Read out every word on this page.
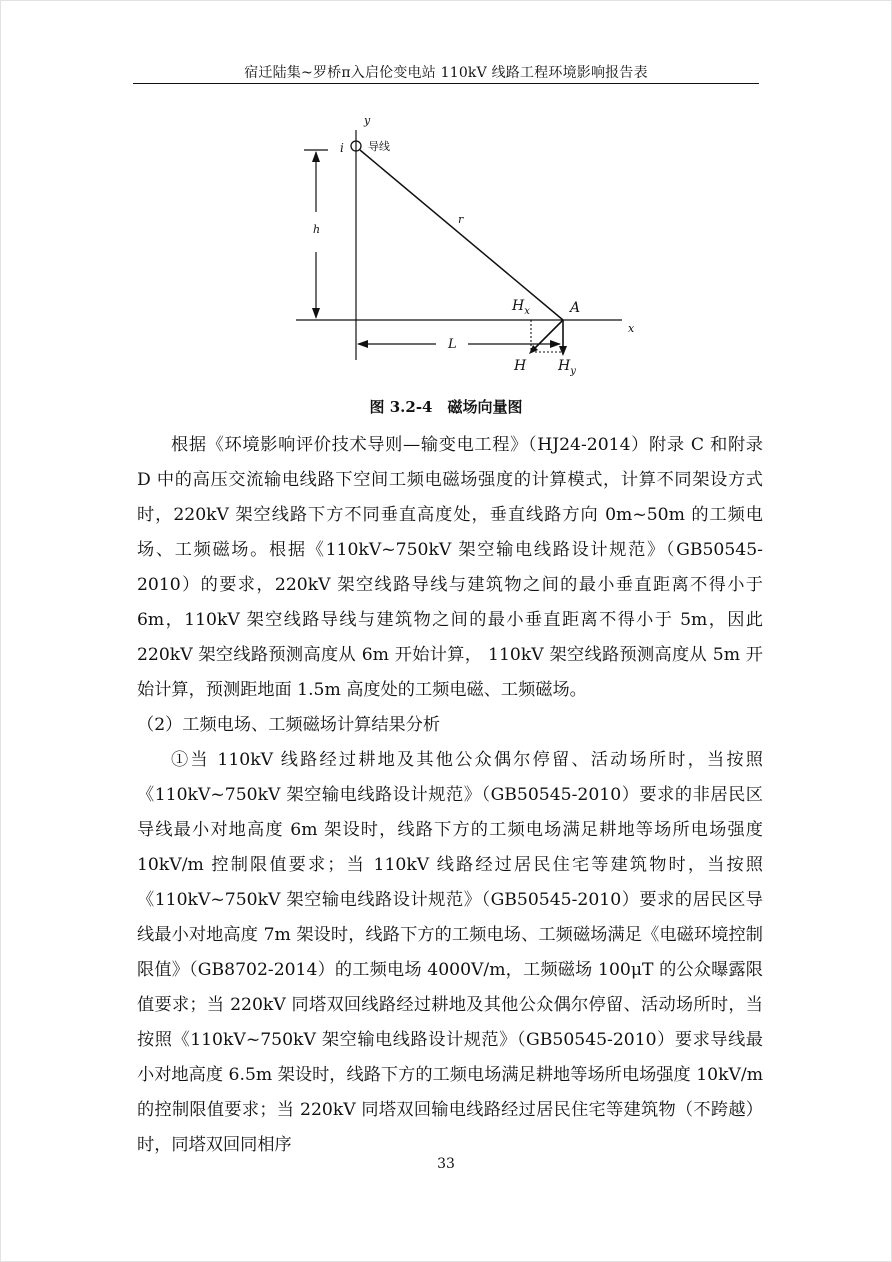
宿迁陆集~罗桥π入启伦变电站 110kV 线路工程环境影响报告表
y
x
i 导线
h
r
A
$H_x$
H $H_y$
L
图 3.2-4　磁场向量图

根据《环境影响评价技术导则—输变电工程》（HJ24-2014）附录 C 和附录 D 中的高压交流输电线路下空间工频电磁场强度的计算模式，计算不同架设方式时，220kV 架空线路下方不同垂直高度处，垂直线路方向 0m~50m 的工频电场、工频磁场。根据《110kV~750kV 架空输电线路设计规范》（GB50545-2010）的要求，220kV 架空线路导线与建筑物之间的最小垂直距离不得小于 6m，110kV 架空线路导线与建筑物之间的最小垂直距离不得小于 5m，因此 220kV 架空线路预测高度从 6m 开始计算， 110kV 架空线路预测高度从 5m 开始计算，预测距地面 1.5m 高度处的工频电磁、工频磁场。

（2）工频电场、工频磁场计算结果分析

①当 110kV 线路经过耕地及其他公众偶尔停留、活动场所时，当按照《110kV~750kV 架空输电线路设计规范》（GB50545-2010）要求的非居民区导线最小对地高度 6m 架设时，线路下方的工频电场满足耕地等场所电场强度 10kV/m 控制限值要求；当 110kV 线路经过居民住宅等建筑物时，当按照《110kV~750kV 架空输电线路设计规范》（GB50545-2010）要求的居民区导线最小对地高度 7m 架设时，线路下方的工频电场、工频磁场满足《电磁环境控制限值》（GB8702-2014）的工频电场 4000V/m，工频磁场 100μT 的公众曝露限值要求；当 220kV 同塔双回线路经过耕地及其他公众偶尔停留、活动场所时，当按照《110kV~750kV 架空输电线路设计规范》（GB50545-2010）要求导线最小对地高度 6.5m 架设时，线路下方的工频电场满足耕地等场所电场强度 10kV/m 的控制限值要求；当 220kV 同塔双回输电线路经过居民住宅等建筑物（不跨越）时，同塔双回同相序

33
